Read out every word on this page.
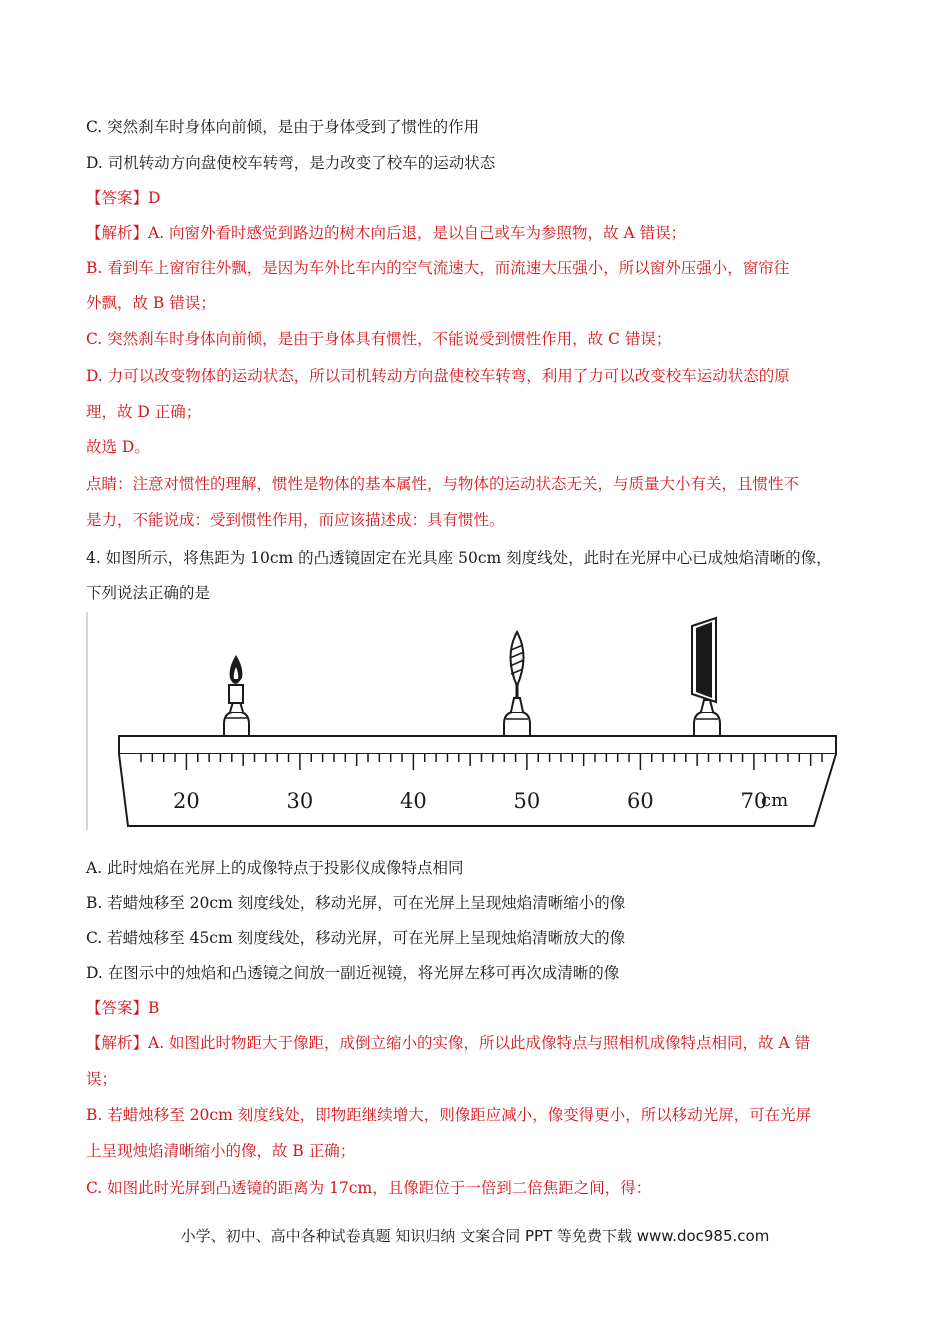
C. 突然刹车时身体向前倾，是由于身体受到了惯性的作用
D. 司机转动方向盘使校车转弯，是力改变了校车的运动状态
【答案】D
【解析】A. 向窗外看时感觉到路边的树木向后退，是以自己或车为参照物，故 A 错误；
B. 看到车上窗帘往外飘，是因为车外比车内的空气流速大，而流速大压强小，所以窗外压强小，窗帘往
外飘，故 B 错误；
C. 突然刹车时身体向前倾，是由于身体具有惯性，不能说受到惯性作用，故 C 错误；
D. 力可以改变物体的运动状态，所以司机转动方向盘使校车转弯，利用了力可以改变校车运动状态的原
理，故 D 正确；
故选 D。
点睛：注意对惯性的理解，惯性是物体的基本属性，与物体的运动状态无关，与质量大小有关，且惯性不
是力，不能说成：受到惯性作用，而应该描述成：具有惯性。
4. 如图所示，将焦距为 10cm 的凸透镜固定在光具座 50cm 刻度线处，此时在光屏中心已成烛焰清晰的像，
下列说法正确的是
20	30	40	50	60	70
cm
A. 此时烛焰在光屏上的成像特点于投影仪成像特点相同
B. 若蜡烛移至 20cm 刻度线处，移动光屏，可在光屏上呈现烛焰清晰缩小的像
C. 若蜡烛移至 45cm 刻度线处，移动光屏，可在光屏上呈现烛焰清晰放大的像
D. 在图示中的烛焰和凸透镜之间放一副近视镜，将光屏左移可再次成清晰的像
【答案】B
【解析】A. 如图此时物距大于像距，成倒立缩小的实像，所以此成像特点与照相机成像特点相同，故 A 错
误；
B. 若蜡烛移至 20cm 刻度线处，即物距继续增大，则像距应减小，像变得更小，所以移动光屏，可在光屏
上呈现烛焰清晰缩小的像，故 B 正确；
C. 如图此时光屏到凸透镜的距离为 17cm，且像距位于一倍到二倍焦距之间，得：
小学、初中、高中各种试卷真题 知识归纳 文案合同 PPT 等免费下载 www.doc985.com
